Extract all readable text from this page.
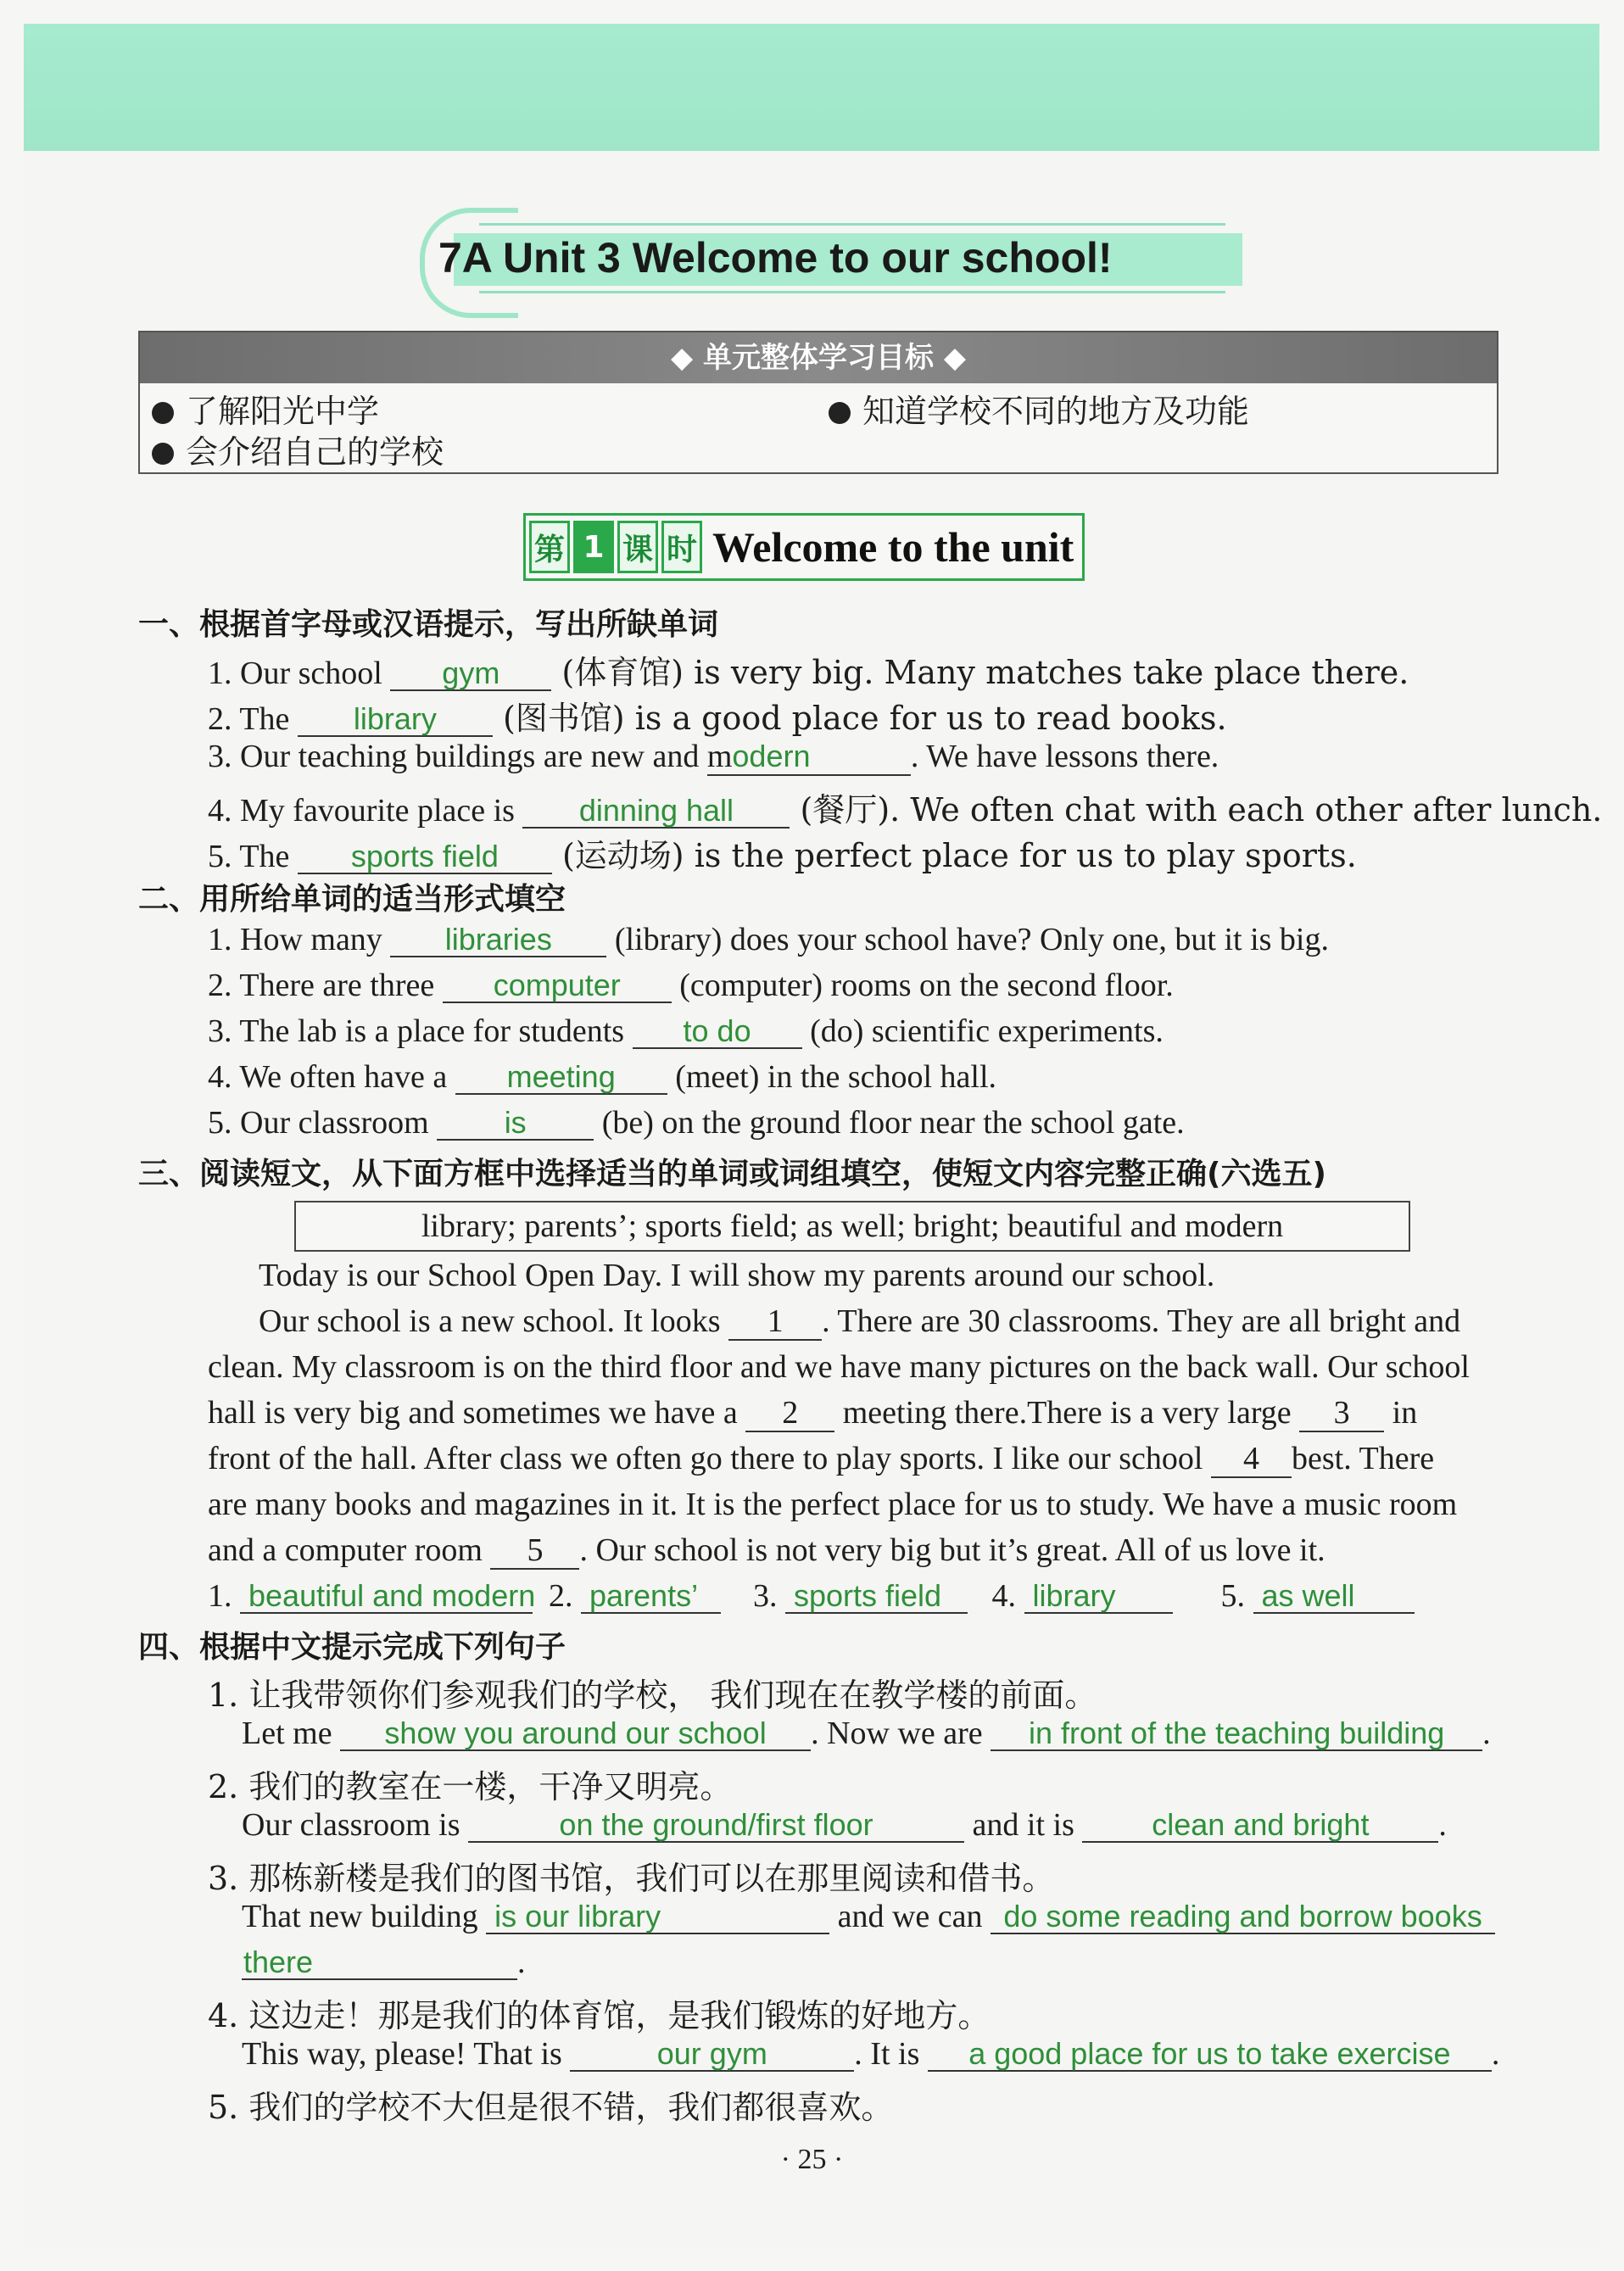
7A Unit 3 Welcome to our school!
◆ 单元整体学习目标 ◆
了解阳光中学	知道学校不同的地方及功能
会介绍自己的学校
第 1 课 时 Welcome to the unit
一、根据首字母或汉语提示，写出所缺单词
1. Our school gym (体育馆) is very big. Many matches take place there.
2. The library (图书馆) is a good place for us to read books.
3. Our teaching buildings are new and modern	. We have lessons there.
4. My favourite place is dinning hall (餐厅). We often chat with each other after lunch.
5. The sports field (运动场) is the perfect place for us to play sports.
二、用所给单词的适当形式填空
1. How many libraries (library) does your school have? Only one, but it is big.
2. There are three computer (computer) rooms on the second floor.
3. The lab is a place for students to do (do) scientific experiments.
4. We often have a meeting (meet) in the school hall.
5. Our classroom is (be) on the ground floor near the school gate.
三、阅读短文，从下面方框中选择适当的单词或词组填空，使短文内容完整正确(六选五)
library; parents’; sports field; as well; bright; beautiful and modern
Today is our School Open Day. I will show my parents around our school.
Our school is a new school. It looks 1 . There are 30 classrooms. They are all bright and
clean. My classroom is on the third floor and we have many pictures on the back wall. Our school
hall is very big and sometimes we have a 2 meeting there.There is a very large 3 in
front of the hall. After class we often go there to play sports. I like our school 4 best. There
are many books and magazines in it. It is the perfect place for us to study. We have a music room
and a computer room 5 . Our school is not very big but it’s great. All of us love it.
1. beautiful and modern 2. parents’ 3. sports field 4. library	5. as well
四、根据中文提示完成下列句子
1. 让我带领你们参观我们的学校， 我们现在在教学楼的前面。
Let me show you around our school . Now we are in front of the teaching building .
2. 我们的教室在一楼，干净又明亮。
Our classroom is	on the ground/first floor	and it is clean and bright .
3. 那栋新楼是我们的图书馆，我们可以在那里阅读和借书。
That new building is our library	and we can do some reading and borrow books
there	.
4. 这边走！那是我们的体育馆，是我们锻炼的好地方。
This way, please! That is	our gym	. It is a good place for us to take exercise .
5. 我们的学校不大但是很不错，我们都很喜欢。
· 25 ·
